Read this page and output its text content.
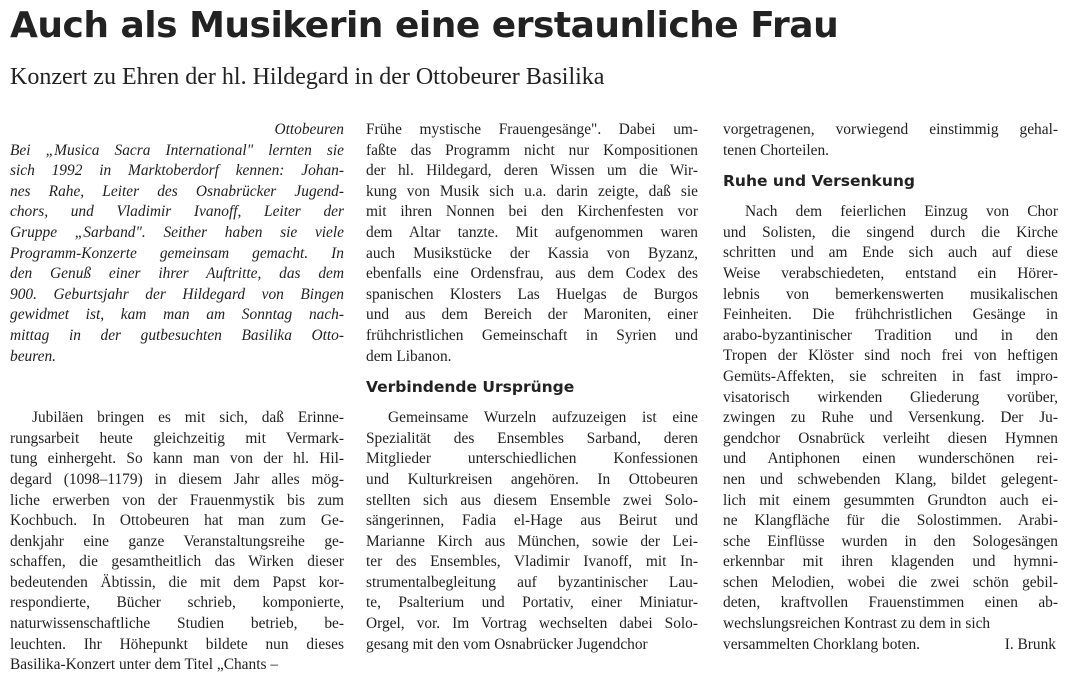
Auch als Musikerin eine erstaunliche Frau
Konzert zu Ehren der hl. Hildegard in der Ottobeurer Basilika
Ottobeuren
Bei „Musica Sacra International" lernten sie
sich 1992 in Marktoberdorf kennen: Johan-
nes Rahe, Leiter des Osnabrücker Jugend-
chors, und Vladimir Ivanoff, Leiter der
Gruppe „Sarband". Seither haben sie viele
Programm-Konzerte gemeinsam gemacht. In
den Genuß einer ihrer Auftritte, das dem
900. Geburtsjahr der Hildegard von Bingen
gewidmet ist, kam man am Sonntag nach-
mittag in der gutbesuchten Basilika Otto-
beuren.
Jubiläen bringen es mit sich, daß Erinne-
rungsarbeit heute gleichzeitig mit Vermark-
tung einhergeht. So kann man von der hl. Hil-
degard (1098–1179) in diesem Jahr alles mög-
liche erwerben von der Frauenmystik bis zum
Kochbuch. In Ottobeuren hat man zum Ge-
denkjahr eine ganze Veranstaltungsreihe ge-
schaffen, die gesamtheitlich das Wirken dieser
bedeutenden Äbtissin, die mit dem Papst kor-
respondierte, Bücher schrieb, komponierte,
naturwissenschaftliche Studien betrieb, be-
leuchten. Ihr Höhepunkt bildete nun dieses
Basilika-Konzert unter dem Titel „Chants –
Frühe mystische Frauengesänge". Dabei um-
faßte das Programm nicht nur Kompositionen
der hl. Hildegard, deren Wissen um die Wir-
kung von Musik sich u.a. darin zeigte, daß sie
mit ihren Nonnen bei den Kirchenfesten vor
dem Altar tanzte. Mit aufgenommen waren
auch Musikstücke der Kassia von Byzanz,
ebenfalls eine Ordensfrau, aus dem Codex des
spanischen Klosters Las Huelgas de Burgos
und aus dem Bereich der Maroniten, einer
frühchristlichen Gemeinschaft in Syrien und
dem Libanon.
Verbindende Ursprünge
Gemeinsame Wurzeln aufzuzeigen ist eine
Spezialität des Ensembles Sarband, deren
Mitglieder unterschiedlichen Konfessionen
und Kulturkreisen angehören. In Ottobeuren
stellten sich aus diesem Ensemble zwei Solo-
sängerinnen, Fadia el-Hage aus Beirut und
Marianne Kirch aus München, sowie der Lei-
ter des Ensembles, Vladimir Ivanoff, mit In-
strumentalbegleitung auf byzantinischer Lau-
te, Psalterium und Portativ, einer Miniatur-
Orgel, vor. Im Vortrag wechselten dabei Solo-
gesang mit den vom Osnabrücker Jugendchor
vorgetragenen, vorwiegend einstimmig gehal-
tenen Chorteilen.
Ruhe und Versenkung
Nach dem feierlichen Einzug von Chor
und Solisten, die singend durch die Kirche
schritten und am Ende sich auch auf diese
Weise verabschiedeten, entstand ein Hörer-
lebnis von bemerkenswerten musikalischen
Feinheiten. Die frühchristlichen Gesänge in
arabo-byzantinischer Tradition und in den
Tropen der Klöster sind noch frei von heftigen
Gemüts-Affekten, sie schreiten in fast impro-
visatorisch wirkenden Gliederung vorüber,
zwingen zu Ruhe und Versenkung. Der Ju-
gendchor Osnabrück verleiht diesen Hymnen
und Antiphonen einen wunderschönen rei-
nen und schwebenden Klang, bildet gelegent-
lich mit einem gesummten Grundton auch ei-
ne Klangfläche für die Solostimmen. Arabi-
sche Einflüsse wurden in den Sologesängen
erkennbar mit ihren klagenden und hymni-
schen Melodien, wobei die zwei schön gebil-
deten, kraftvollen Frauenstimmen einen ab-
wechslungsreichen Kontrast zu dem in sich
versammelten Chorklang boten.	I. Brunk
